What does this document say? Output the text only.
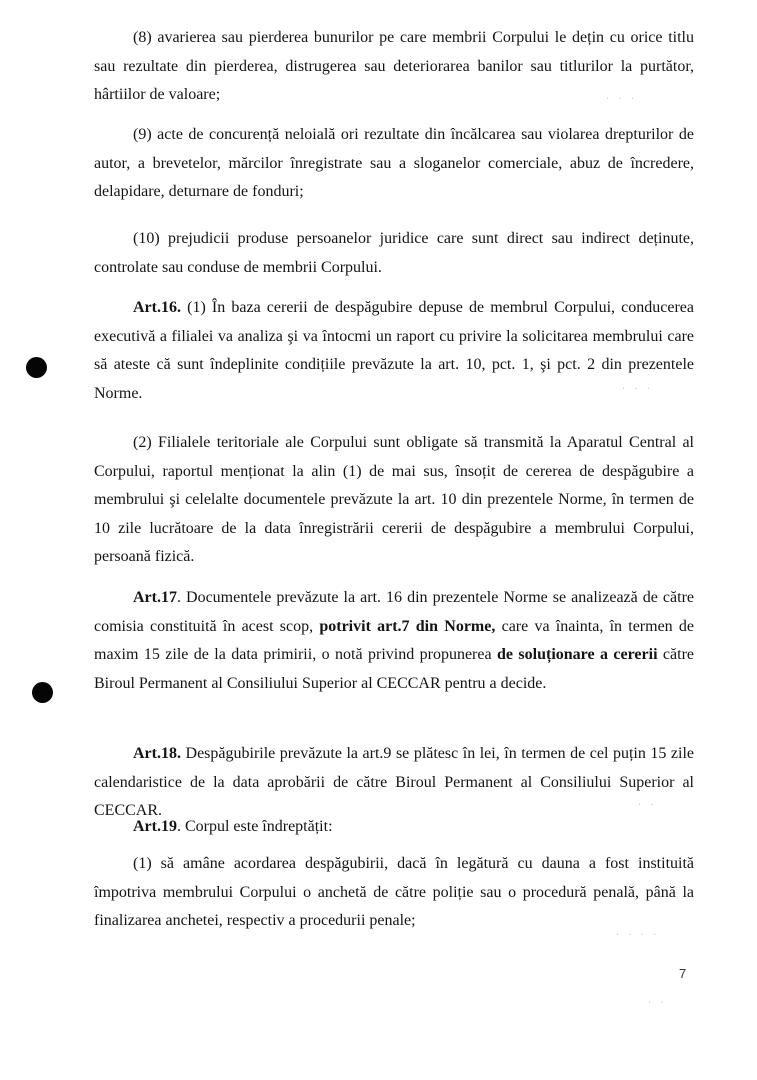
(8) avarierea sau pierderea bunurilor pe care membrii Corpului le dețin cu orice titlu sau rezultate din pierderea, distrugerea sau deteriorarea banilor sau titlurilor la purtător, hârtiilor de valoare;

(9) acte de concurență neloială ori rezultate din încălcarea sau violarea drepturilor de autor, a brevetelor, mărcilor înregistrate sau a sloganelor comerciale, abuz de încredere, delapidare, deturnare de fonduri;

(10) prejudicii produse persoanelor juridice care sunt direct sau indirect deținute, controlate sau conduse de membrii Corpului.

Art.16. (1) În baza cererii de despăgubire depuse de membrul Corpului, conducerea executivă a filialei va analiza şi va întocmi un raport cu privire la solicitarea membrului care să ateste că sunt îndeplinite condițiile prevăzute la art. 10, pct. 1, şi pct. 2 din prezentele Norme.

(2) Filialele teritoriale ale Corpului sunt obligate să transmită la Aparatul Central al Corpului, raportul menționat la alin (1) de mai sus, însoțit de cererea de despăgubire a membrului şi celelalte documentele prevăzute la art. 10 din prezentele Norme, în termen de 10 zile lucrătoare de la data înregistrării cererii de despăgubire a membrului Corpului, persoană fizică.

Art.17. Documentele prevăzute la art. 16 din prezentele Norme se analizează de către comisia constituită în acest scop, potrivit art.7 din Norme, care va înainta, în termen de maxim 15 zile de la data primirii, o notă privind propunerea de soluționare a cererii către Biroul Permanent al Consiliului Superior al CECCAR pentru a decide.

Art.18. Despăgubirile prevăzute la art.9 se plătesc în lei, în termen de cel puțin 15 zile calendaristice de la data aprobării de către Biroul Permanent al Consiliului Superior al CECCAR.

Art.19. Corpul este îndreptățit:

(1) să amâne acordarea despăgubirii, dacă în legătură cu dauna a fost instituită împotriva membrului Corpului o anchetă de către poliție sau o procedură penală, până la finalizarea anchetei, respectiv a procedurii penale;

7
· · ·
· · ·
· ·
· · · ·
· ·
